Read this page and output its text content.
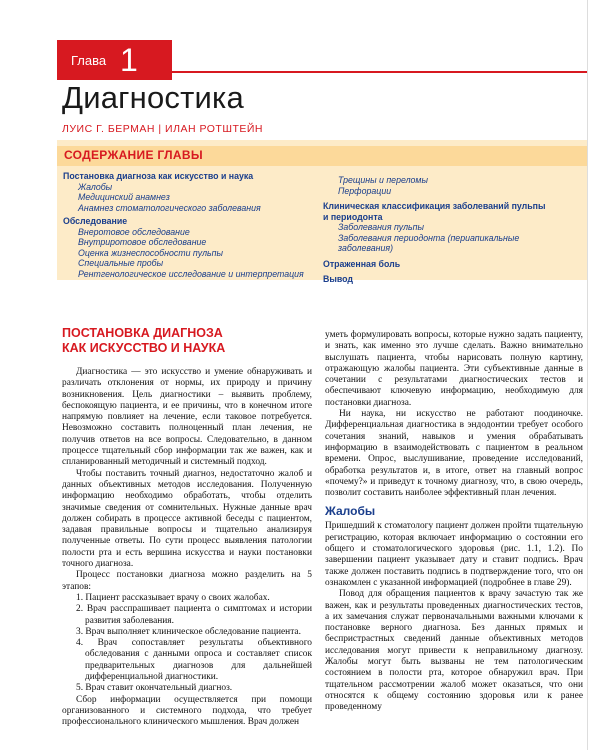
Глава 1
Диагностика
ЛУИС Г. БЕРМАН | ИЛАН РОТШТЕЙН
СОДЕРЖАНИЕ ГЛАВЫ
Постановка диагноза как искусство и наука
Жалобы
Медицинский анамнез
Анамнез стоматологического заболевания
Обследование
Внеротовое обследование
Внутриротовое обследование
Оценка жизнеспособности пульпы
Специальные пробы
Рентгенологическое исследование и интерпретация
Трещины и переломы
Перфорации
Клиническая классификация заболеваний пульпы
и периодонта
Заболевания пульпы
Заболевания периодонта (периапикальные
заболевания)
Отраженная боль
Вывод
ПОСТАНОВКА ДИАГНОЗА
КАК ИСКУССТВО И НАУКА

Диагностика — это искусство и умение обнаруживать и различать отклонения от нормы, их природу и причину возникновения. Цель диагностики – выявить проблему, беспокоящую пациента, и ее причины, что в конечном итоге напрямую повлияет на лечение, если таковое потребуется. Невозможно составить полноценный план лечения, не получив ответов на все вопросы. Следовательно, в данном процессе тщательный сбор информации так же важен, как и спланированный методичный и системный подход.

Чтобы поставить точный диагноз, недостаточно жалоб и данных объективных методов исследования. Полученную информацию необходимо обработать, чтобы отделить значимые сведения от сомнительных. Нужные данные врач должен собирать в процессе активной беседы с пациентом, задавая правильные вопросы и тщательно анализируя полученные ответы. По сути процесс выявления патологии полости рта и есть вершина искусства и науки постановки точного диагноза.

Процесс постановки диагноза можно разделить на 5 этапов:

1. Пациент рассказывает врачу о своих жалобах.
2. Врач расспрашивает пациента о симптомах и истории развития заболевания.
3. Врач выполняет клиническое обследование пациента.
4. Врач сопоставляет результаты объективного обследования с данными опроса и составляет список предварительных диагнозов для дальнейшей дифференциальной диагностики.
5. Врач ставит окончательный диагноз.

Сбор информации осуществляется при помощи организованного и системного подхода, что требует профессионального клинического мышления. Врач должен

уметь формулировать вопросы, которые нужно задать пациенту, и знать, как именно это лучше сделать. Важно внимательно выслушать пациента, чтобы нарисовать полную картину, отражающую жалобы пациента. Эти субъективные данные в сочетании с результатами диагностических тестов и обеспечивают ключевую информацию, необходимую для постановки диагноза.

Ни наука, ни искусство не работают поодиночке. Дифференциальная диагностика в эндодонтии требует особого сочетания знаний, навыков и умения обрабатывать информацию в взаимодействовать с пациентом в реальном времени. Опрос, выслушивание, проведение исследований, обработка результатов и, в итоге, ответ на главный вопрос «почему?» и приведут к точному диагнозу, что, в свою очередь, позволит составить наиболее эффективный план лечения.

Жалобы

Пришедший к стоматологу пациент должен пройти тщательную регистрацию, которая включает информацию о состоянии его общего и стоматологического здоровья (рис. 1.1, 1.2). По завершении пациент указывает дату и ставит подпись. Врач также должен поставить подпись в подтверждение того, что он ознакомлен с указанной информацией (подробнее в главе 29).

Повод для обращения пациентов к врачу зачастую так же важен, как и результаты проведенных диагностических тестов, а их замечания служат первоначальными важными ключами к постановке верного диагноза. Без данных прямых и беспристрастных сведений данные объективных методов исследования могут привести к неправильному диагнозу. Жалобы могут быть вызваны не тем патологическим состоянием в полости рта, которое обнаружил врач. При тщательном рассмотрении жалоб может оказаться, что они относятся к общему состоянию здоровья или к ранее проведенному
